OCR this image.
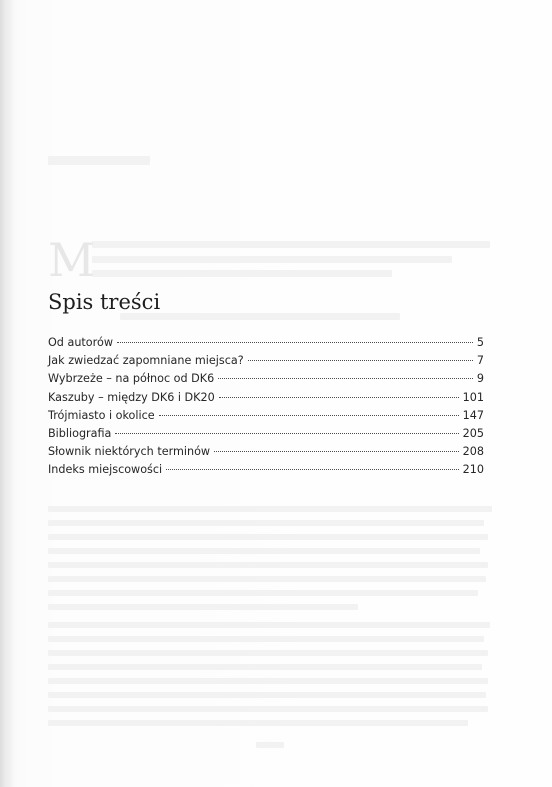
M
Spis treści
Od autorów	5
Jak zwiedzać zapomniane miejsca?	7
Wybrzeże – na północ od DK6	9
Kaszuby – między DK6 i DK20	101
Trójmiasto i okolice	147
Bibliografia	205
Słownik niektórych terminów	208
Indeks miejscowości	210
